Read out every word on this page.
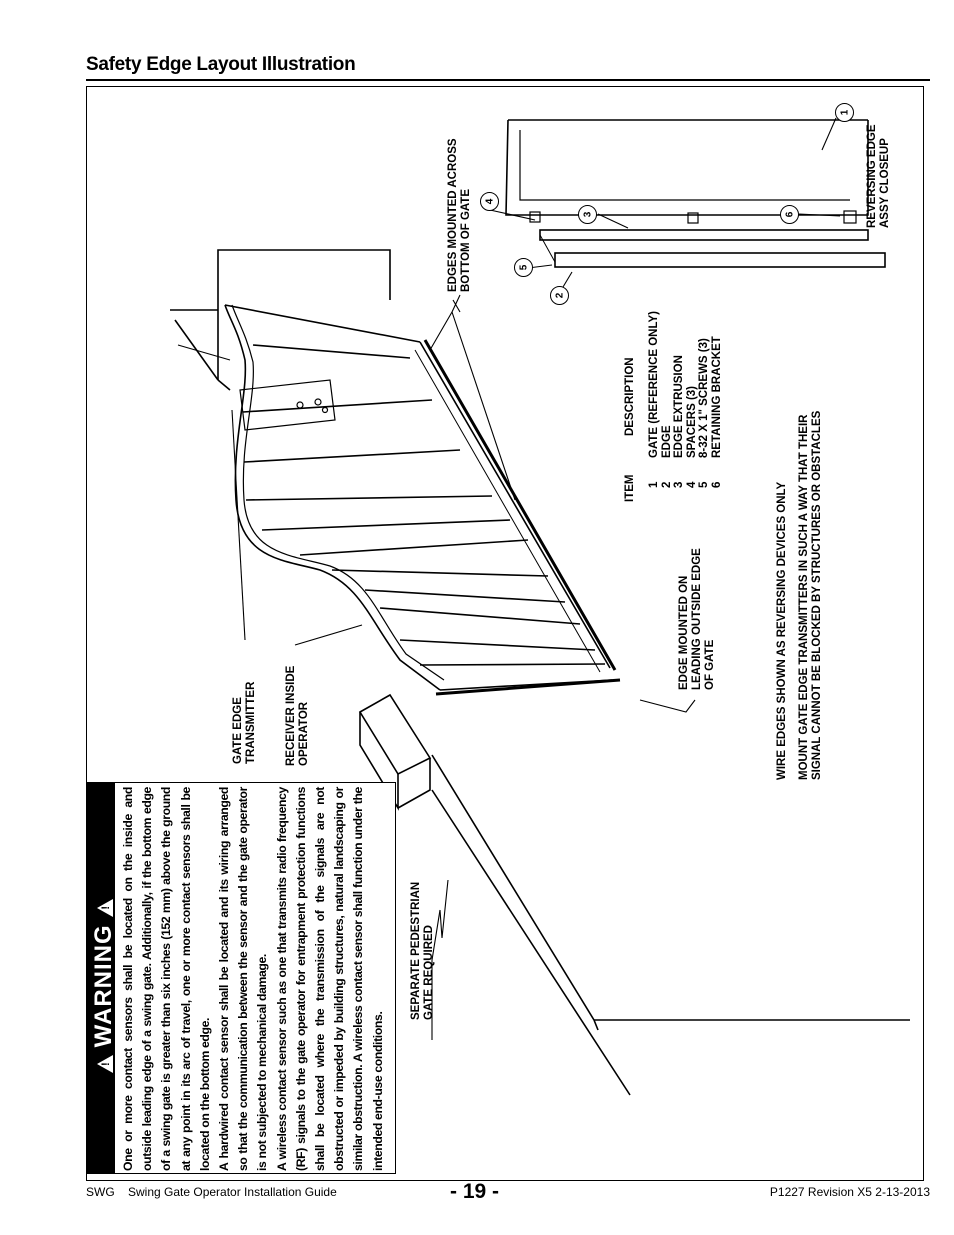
Safety Edge Layout Illustration
!
WARNING
! One or more contact sensors shall be located on the inside and outside leading edge of a swing gate. Additionally, if the bottom edge of a swing gate is greater than six inches (152 mm) above the ground at any point in its arc of travel, one or more contact sensors shall be located on the bottom edge. A hardwired contact sensor shall be located and its wiring arranged so that the communication between the sensor and the gate operator is not subjected to mechanical damage. A wireless contact sensor such as one that transmits radio frequency (RF) signals to the gate operator for entrapment protection functions shall be located where the transmission of the signals are not obstructed or impeded by building structures, natural landscaping or similar obstruction. A wireless contact sensor shall function under the intended end-use conditions.

SEPARATE PEDESTRIAN GATE REQUIRED
GATE EDGE TRANSMITTER RECEIVER INSIDE OPERATOR
EDGE MOUNTED ON LEADING OUTSIDE EDGE OF GATE
EDGES MOUNTED ACROSS BOTTOM OF GATE
REVERSING EDGE ASSY CLOSEUP
WIRE EDGES SHOWN AS REVERSING DEVICES ONLY MOUNT GATE EDGE TRANSMITTERS IN SUCH A WAY THAT THEIR SIGNAL CANNOT BE BLOCKED BY STRUCTURES OR OBSTACLES
ITEM
DESCRIPTION
1 2 3 4 5 6
GATE (REFERENCE ONLY) EDGE EDGE EXTRUSION SPACERS (3) 8-32 X 1" SCREWS (3) RETAINING BRACKET
1
2
3
4
5
6
SWG    Swing Gate Operator Installation Guide	- 19 -	P1227 Revision X5 2-13-2013
